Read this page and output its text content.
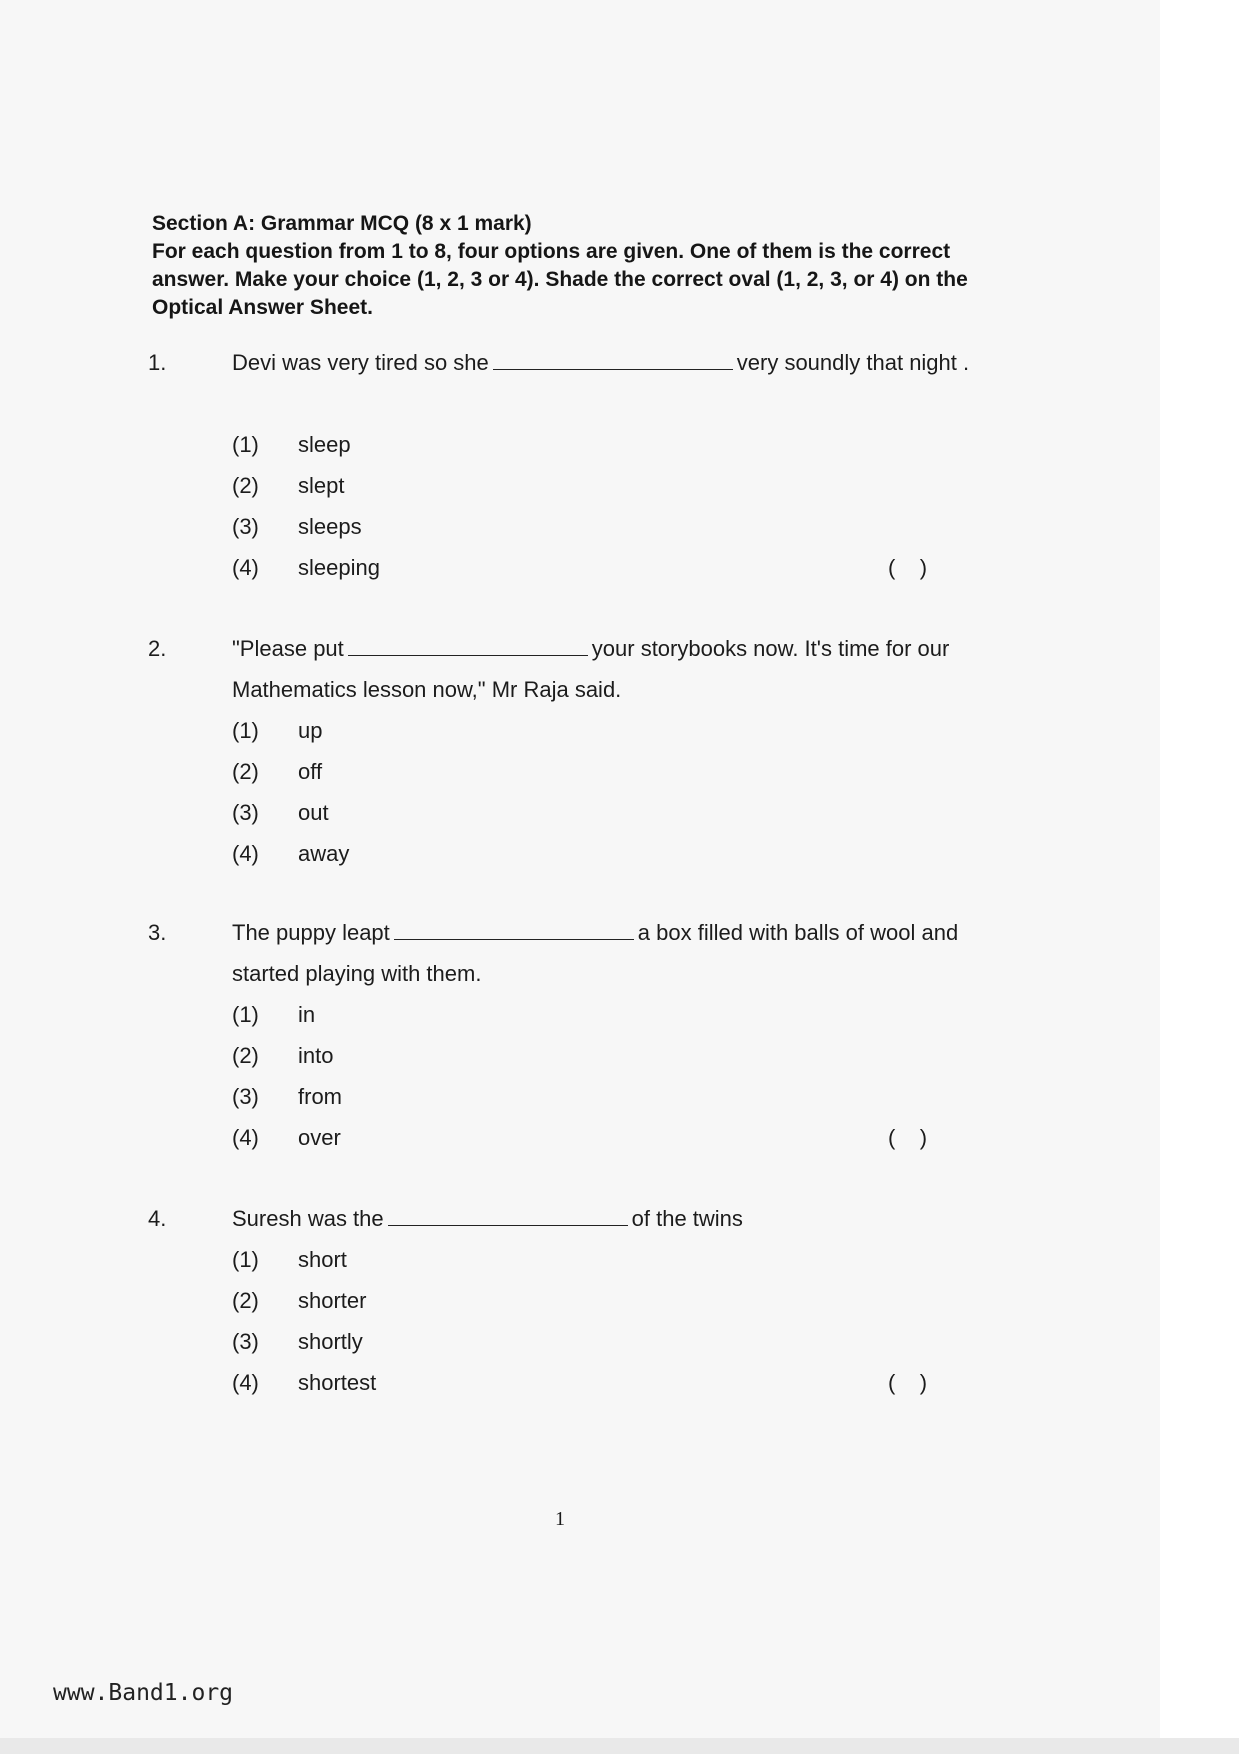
Section A: Grammar MCQ (8 x 1 mark)
For each question from 1 to 8, four options are given. One of them is the correct answer. Make your choice (1, 2, 3 or 4). Shade the correct oval (1, 2, 3, or 4) on the Optical Answer Sheet.
1.	Devi was very tired so she	very soundly that night .
(1) sleep
(2) slept
(3) sleeps
(4) sleeping	(    )
2.	"Please put	your storybooks now. It's time for our Mathematics lesson now," Mr Raja said.
(1) up
(2) off
(3) out
(4) away
3.	The puppy leapt	a box filled with balls of wool and started playing with them.
(1) in
(2) into
(3) from
(4) over	(    )
4.	Suresh was the	of the twins
(1) short
(2) shorter
(3) shortly
(4) shortest	(    )
1
www.Band1.org
